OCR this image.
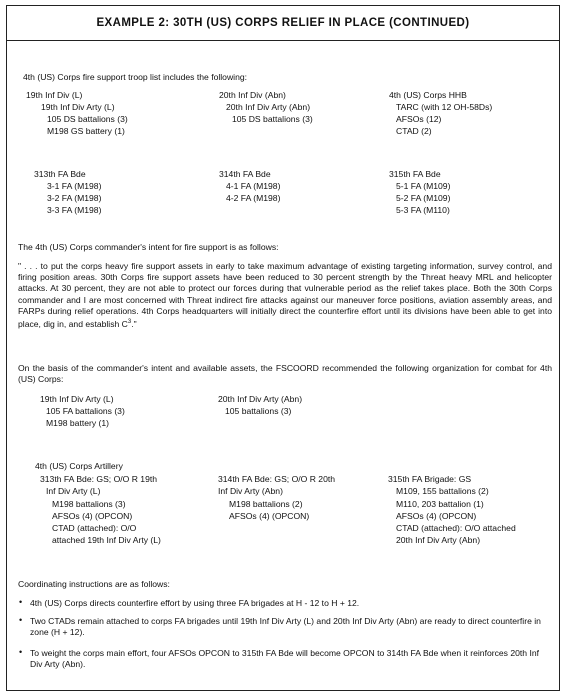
EXAMPLE 2: 30TH (US) CORPS RELIEF IN PLACE (CONTINUED)
4th (US) Corps fire support troop list includes the following:
19th Inf Div (L)
19th Inf Div Arty (L)
105 DS battalions (3)
M198 GS battery (1)
20th Inf Div (Abn)
20th Inf Div Arty (Abn)
105 DS battalions (3)
4th (US) Corps HHB
TARC (with 12 OH-58Ds)
AFSOs (12)
CTAD (2)
313th FA Bde
3-1 FA (M198)
3-2 FA (M198)
3-3 FA (M198)
314th FA Bde
4-1 FA (M198)
4-2 FA (M198)
315th FA Bde
5-1 FA (M109)
5-2 FA (M109)
5-3 FA (M110)
The 4th (US) Corps commander's intent for fire support is as follows:
" . . . to put the corps heavy fire support assets in early to take maximum advantage of existing targeting information, survey control, and firing position areas. 30th Corps fire support assets have been reduced to 30 percent strength by the Threat heavy MRL and helicopter attacks. At 30 percent, they are not able to protect our forces during that vulnerable period as the relief takes place. Both the 30th Corps commander and I are most concerned with Threat indirect fire attacks against our maneuver force positions, aviation assembly areas, and FARPs during relief operations. 4th Corps headquarters will initially direct the counterfire effort until its divisions have been able to get into place, dig in, and establish $C^3$."
On the basis of the commander's intent and available assets, the FSCOORD recommended the following organization for combat for 4th (US) Corps:
19th Inf Div Arty (L)
105 FA battalions (3)
M198 battery (1)
20th Inf Div Arty (Abn)
105 battalions (3)
4th (US) Corps Artillery
313th FA Bde: GS; O/O R 19th
Inf Div Arty (L)
M198 battalions (3)
AFSOs (4) (OPCON)
CTAD (attached): O/O
attached 19th Inf Div Arty (L)
314th FA Bde: GS; O/O R 20th
Inf Div Arty (Abn)
M198 battalions (2)
AFSOs (4) (OPCON)
315th FA Brigade: GS
M109, 155 battalions (2)
M110, 203 battalion (1)
AFSOs (4) (OPCON)
CTAD (attached): O/O attached
20th Inf Div Arty (Abn)
Coordinating instructions are as follows:
• 4th (US) Corps directs counterfire effort by using three FA brigades at H - 12 to H + 12.
• Two CTADs remain attached to corps FA brigades until 19th Inf Div Arty (L) and 20th Inf Div Arty (Abn) are ready to direct counterfire in zone (H + 12).
• To weight the corps main effort, four AFSOs OPCON to 315th FA Bde will become OPCON to 314th FA Bde when it reinforces 20th Inf Div Arty (Abn).
